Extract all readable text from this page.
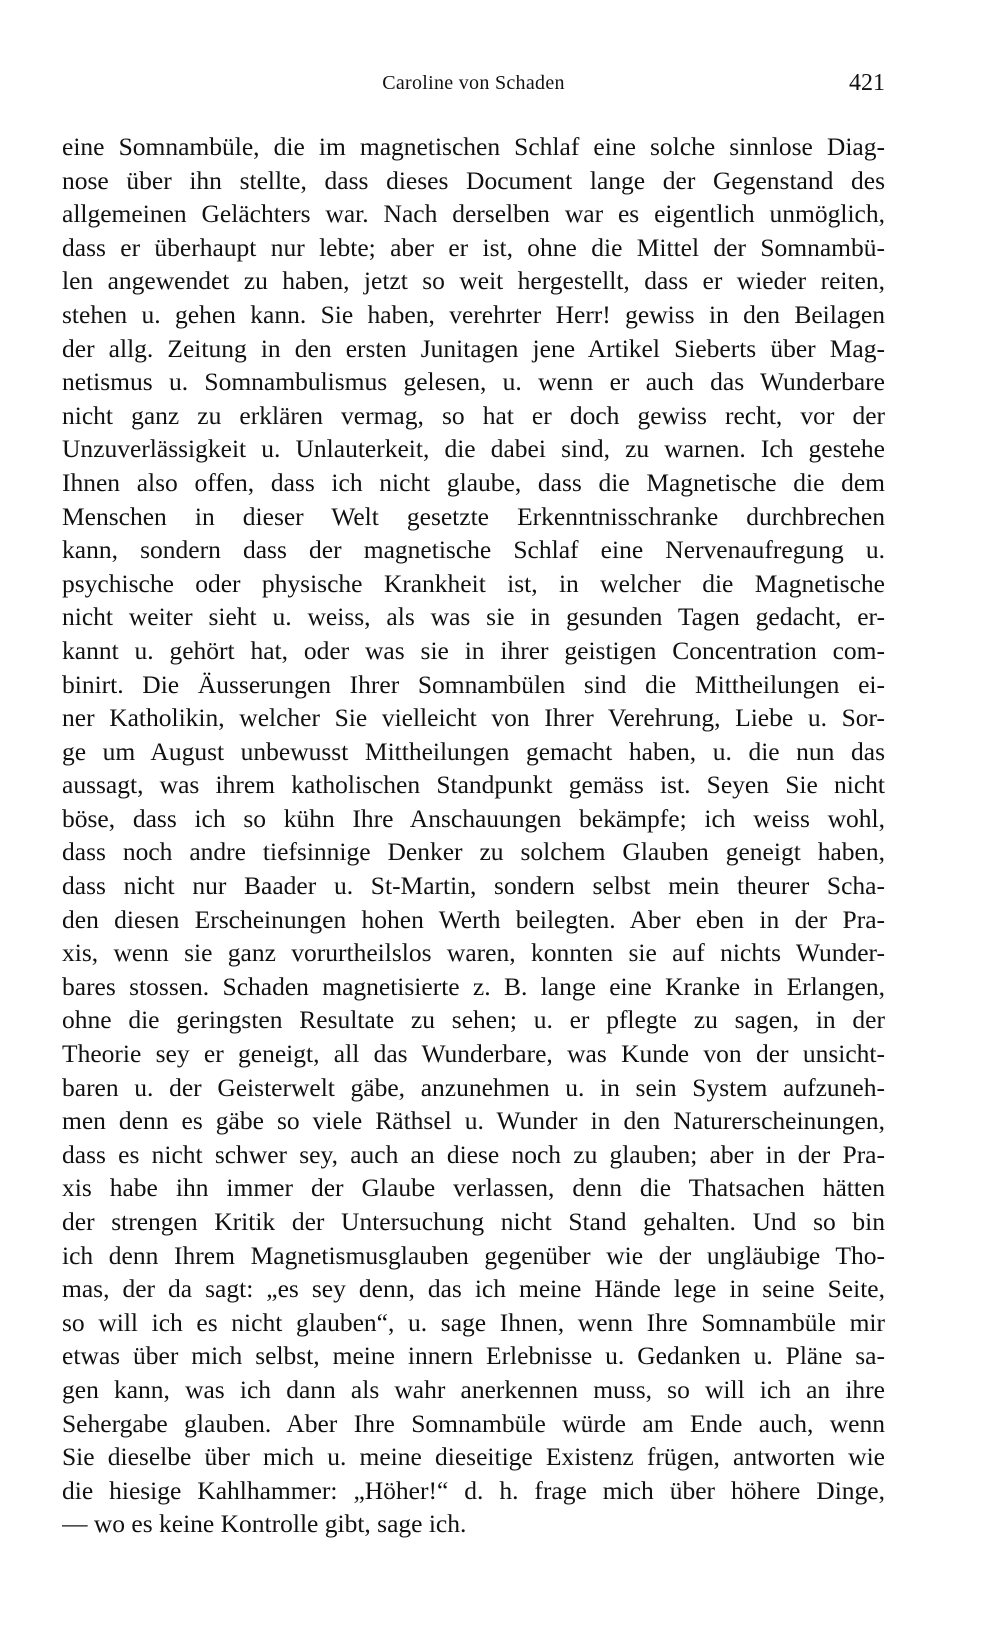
Caroline von Schaden	421
eine Somnambüle, die im magnetischen Schlaf eine solche sinnlose Diag-
nose über ihn stellte, dass dieses Document lange der Gegenstand des
allgemeinen Gelächters war. Nach derselben war es eigentlich unmöglich,
dass er überhaupt nur lebte; aber er ist, ohne die Mittel der Somnambü-
len angewendet zu haben, jetzt so weit hergestellt, dass er wieder reiten,
stehen u. gehen kann. Sie haben, verehrter Herr! gewiss in den Beilagen
der allg. Zeitung in den ersten Junitagen jene Artikel Sieberts über Mag-
netismus u. Somnambulismus gelesen, u. wenn er auch das Wunderbare
nicht ganz zu erklären vermag, so hat er doch gewiss recht, vor der
Unzuverlässigkeit u. Unlauterkeit, die dabei sind, zu warnen. Ich gestehe
Ihnen also offen, dass ich nicht glaube, dass die Magnetische die dem
Menschen in dieser Welt gesetzte Erkenntnisschranke durchbrechen
kann, sondern dass der magnetische Schlaf eine Nervenaufregung u.
psychische oder physische Krankheit ist, in welcher die Magnetische
nicht weiter sieht u. weiss, als was sie in gesunden Tagen gedacht, er-
kannt u. gehört hat, oder was sie in ihrer geistigen Concentration com-
binirt. Die Äusserungen Ihrer Somnambülen sind die Mittheilungen ei-
ner Katholikin, welcher Sie vielleicht von Ihrer Verehrung, Liebe u. Sor-
ge um August unbewusst Mittheilungen gemacht haben, u. die nun das
aussagt, was ihrem katholischen Standpunkt gemäss ist. Seyen Sie nicht
böse, dass ich so kühn Ihre Anschauungen bekämpfe; ich weiss wohl,
dass noch andre tiefsinnige Denker zu solchem Glauben geneigt haben,
dass nicht nur Baader u. St-Martin, sondern selbst mein theurer Scha-
den diesen Erscheinungen hohen Werth beilegten. Aber eben in der Pra-
xis, wenn sie ganz vorurtheilslos waren, konnten sie auf nichts Wunder-
bares stossen. Schaden magnetisierte z. B. lange eine Kranke in Erlangen,
ohne die geringsten Resultate zu sehen; u. er pflegte zu sagen, in der
Theorie sey er geneigt, all das Wunderbare, was Kunde von der unsicht-
baren u. der Geisterwelt gäbe, anzunehmen u. in sein System aufzuneh-
men denn es gäbe so viele Räthsel u. Wunder in den Naturerscheinungen,
dass es nicht schwer sey, auch an diese noch zu glauben; aber in der Pra-
xis habe ihn immer der Glaube verlassen, denn die Thatsachen hätten
der strengen Kritik der Untersuchung nicht Stand gehalten. Und so bin
ich denn Ihrem Magnetismusglauben gegenüber wie der ungläubige Tho-
mas, der da sagt: „es sey denn, das ich meine Hände lege in seine Seite,
so will ich es nicht glauben“, u. sage Ihnen, wenn Ihre Somnambüle mir
etwas über mich selbst, meine innern Erlebnisse u. Gedanken u. Pläne sa-
gen kann, was ich dann als wahr anerkennen muss, so will ich an ihre
Sehergabe glauben. Aber Ihre Somnambüle würde am Ende auch, wenn
Sie dieselbe über mich u. meine dieseitige Existenz frügen, antworten wie
die hiesige Kahlhammer: „Höher!“ d. h. frage mich über höhere Dinge,
— wo es keine Kontrolle gibt, sage ich.
